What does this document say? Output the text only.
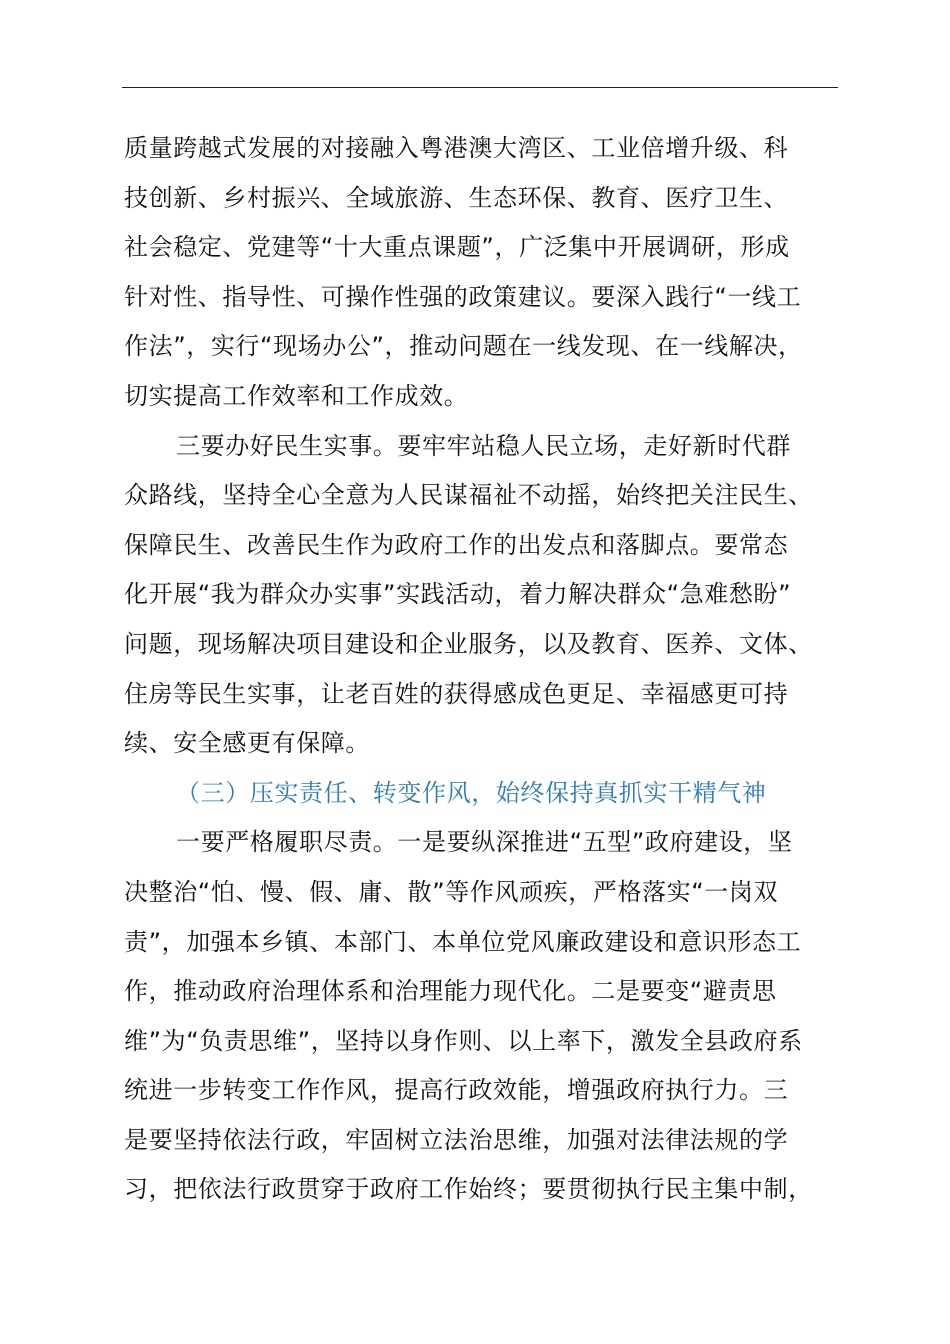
质量跨越式发展的对接融入粤港澳大湾区、工业倍增升级、科
技创新、乡村振兴、全域旅游、生态环保、教育、医疗卫生、
社会稳定、党建等“十大重点课题”，广泛集中开展调研，形成
针对性、指导性、可操作性强的政策建议。要深入践行“一线工
作法”，实行“现场办公”，推动问题在一线发现、在一线解决，
切实提高工作效率和工作成效。
三要办好民生实事。要牢牢站稳人民立场，走好新时代群
众路线，坚持全心全意为人民谋福祉不动摇，始终把关注民生、
保障民生、改善民生作为政府工作的出发点和落脚点。要常态
化开展“我为群众办实事”实践活动，着力解决群众“急难愁盼”
问题，现场解决项目建设和企业服务，以及教育、医养、文体、
住房等民生实事，让老百姓的获得感成色更足、幸福感更可持
续、安全感更有保障。
（三）压实责任、转变作风，始终保持真抓实干精气神
一要严格履职尽责。一是要纵深推进“五型”政府建设，坚
决整治“怕、慢、假、庸、散”等作风顽疾，严格落实“一岗双
责”，加强本乡镇、本部门、本单位党风廉政建设和意识形态工
作，推动政府治理体系和治理能力现代化。二是要变“避责思
维”为“负责思维”，坚持以身作则、以上率下，激发全县政府系
统进一步转变工作作风，提高行政效能，增强政府执行力。三
是要坚持依法行政，牢固树立法治思维，加强对法律法规的学
习，把依法行政贯穿于政府工作始终；要贯彻执行民主集中制，
